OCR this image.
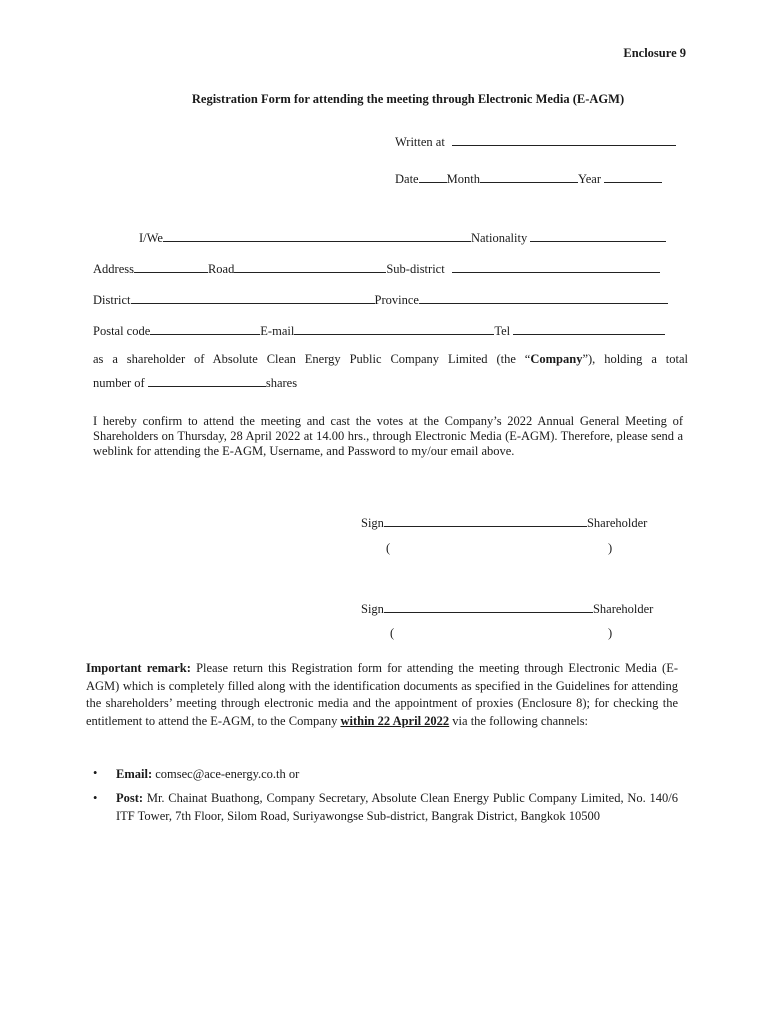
Enclosure 9
Registration Form for attending the meeting through Electronic Media (E-AGM)
Written at
Date Month	Year
I/We	Nationality
Address	Road	Sub-district
District	Province
Postal code	E-mail	Tel
as a shareholder of Absolute Clean Energy Public Company Limited (the “Company”), holding a total
number of	shares
I hereby confirm to attend the meeting and cast the votes at the Company’s 2022 Annual General Meeting of Shareholders on Thursday, 28 April 2022 at 14.00 hrs., through Electronic Media (E-AGM). Therefore, please send a weblink for attending the E-AGM, Username, and Password to my/our email above.
Sign	Shareholder
(	)
Sign	Shareholder
(	)
Important remark: Please return this Registration form for attending the meeting through Electronic Media (E-AGM) which is completely filled along with the identification documents as specified in the Guidelines for attending the shareholders’ meeting through electronic media and the appointment of proxies (Enclosure 8); for checking the entitlement to attend the E-AGM, to the Company within 22 April 2022 via the following channels:
• Email: comsec@ace-energy.co.th or
• Post: Mr. Chainat Buathong, Company Secretary, Absolute Clean Energy Public Company Limited, No. 140/6 ITF Tower, 7th Floor, Silom Road, Suriyawongse Sub-district, Bangrak District, Bangkok 10500
